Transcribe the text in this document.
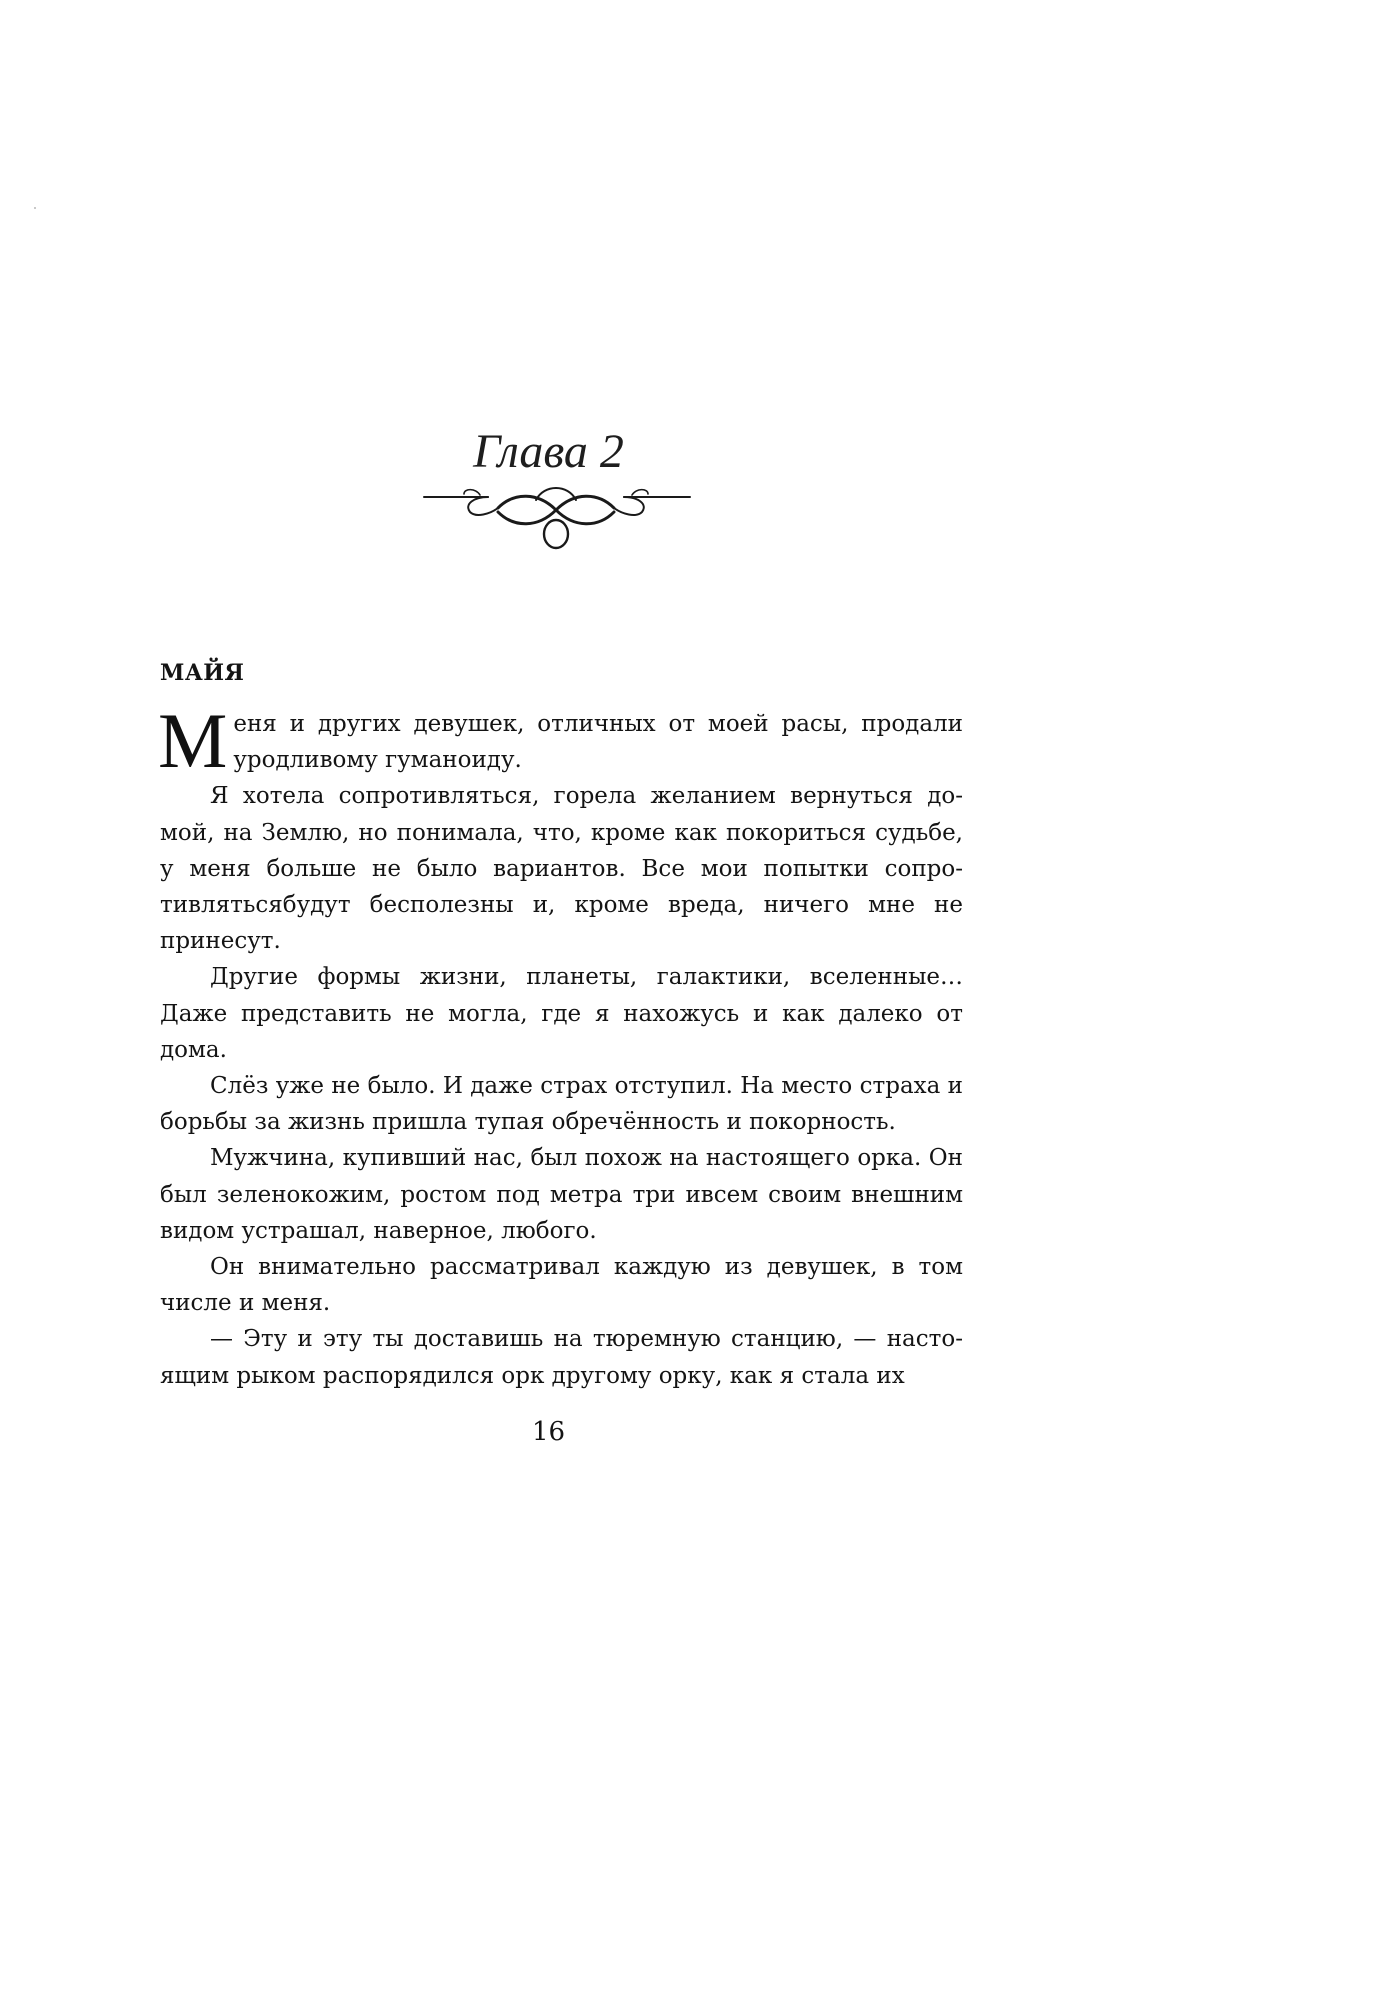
Глава 2
МАЙЯ

Меня и других девушек, отличных от моей расы, продали уродливому гуманоиду.

Я хотела сопротивляться, горела желанием вернуться домой, на Землю, но понимала, что, кроме как покориться судьбе, у меня больше не было вариантов. Все мои попытки сопротивлятьсябудут бесполезны и, кроме вреда, ничего мне не принесут.

Другие формы жизни, планеты, галактики, вселенные… Даже представить не могла, где я нахожусь и как далеко от дома.

Слёз уже не было. И даже страх отступил. На место страха и борьбы за жизнь пришла тупая обречённость и покорность.

Мужчина, купивший нас, был похож на настоящего орка. Он был зеленокожим, ростом под метра три ивсем своим внешним видом устрашал, наверное, любого.

Он внимательно рассматривал каждую из девушек, в том числе и меня.

— Эту и эту ты доставишь на тюремную станцию, — настоящим рыком распорядился орк другому орку, как я стала их

16
